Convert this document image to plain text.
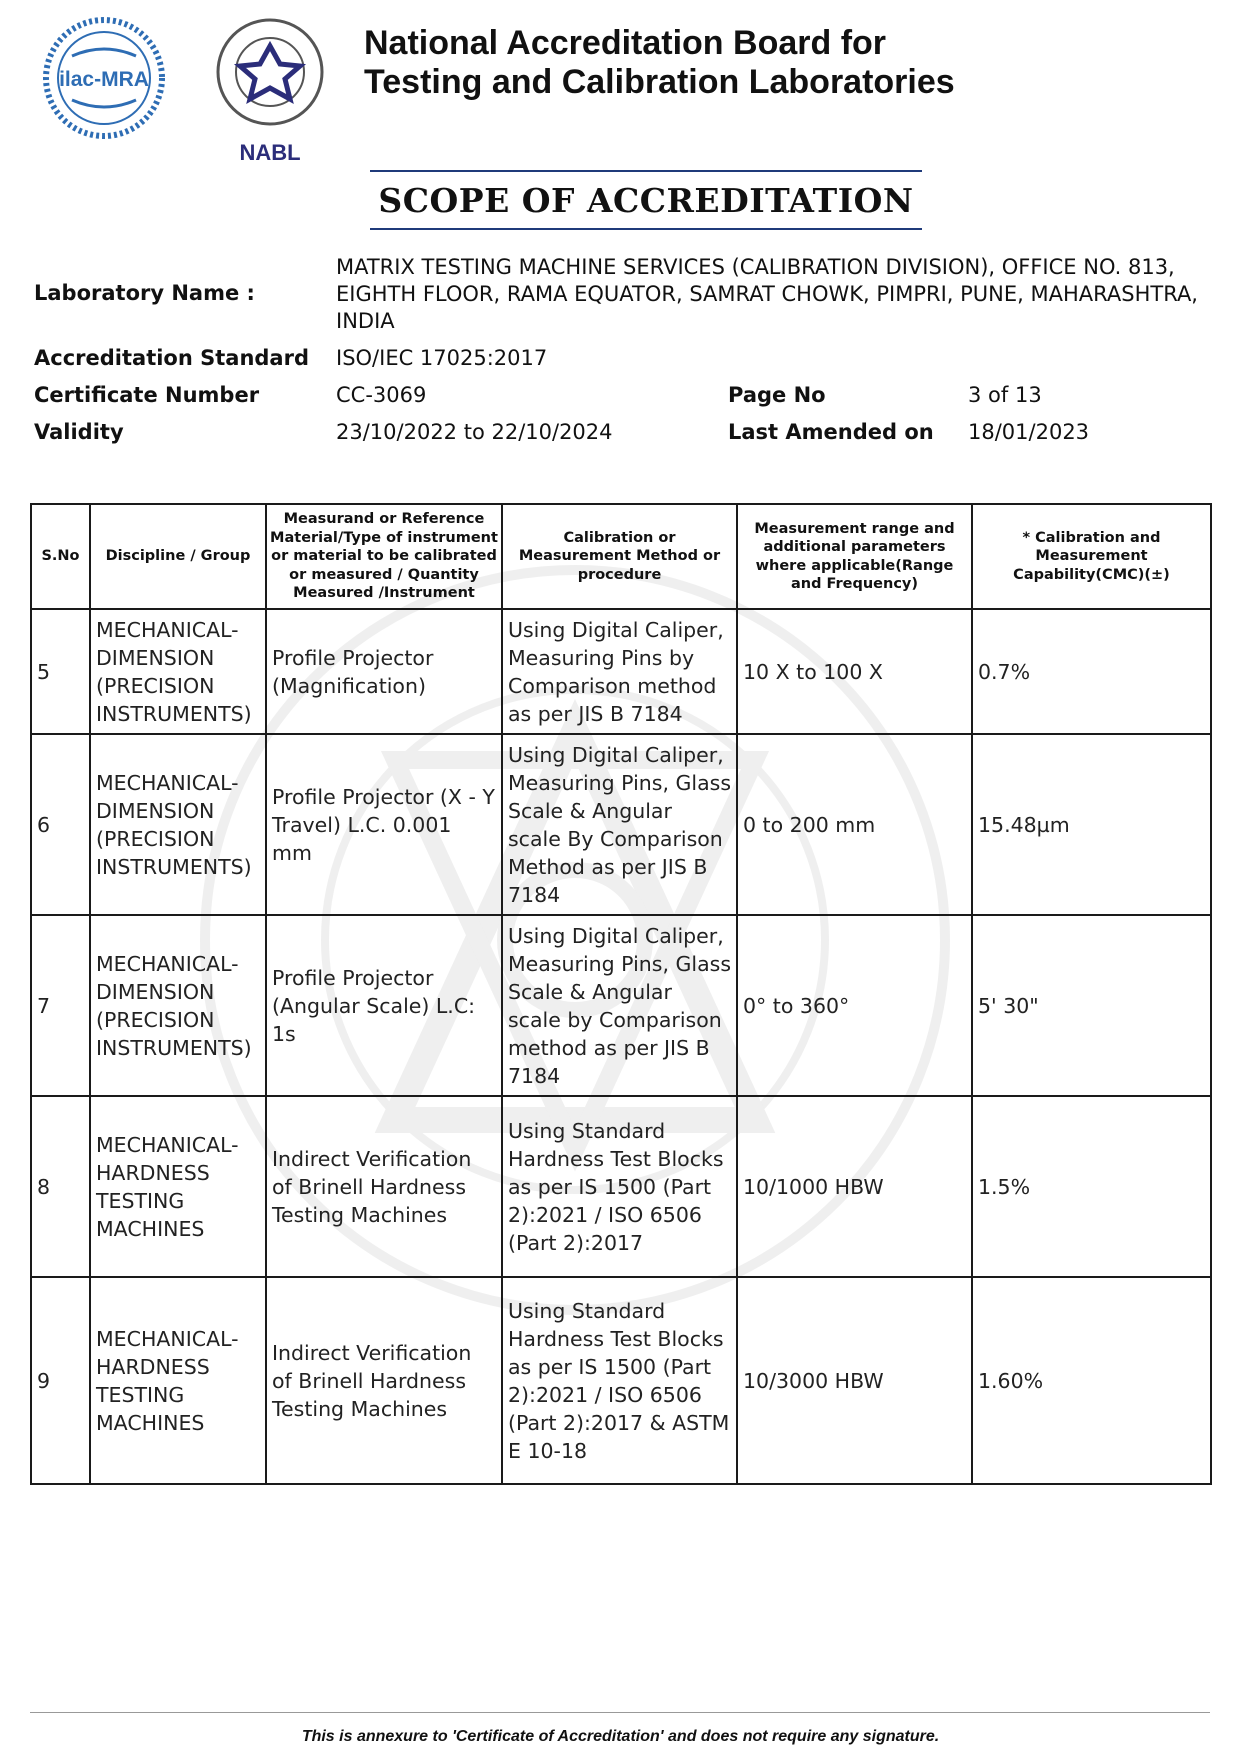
ilac-MRA
NABL
National Accreditation Board for
Testing and Calibration Laboratories
SCOPE OF ACCREDITATION
Laboratory Name :
MATRIX TESTING MACHINE SERVICES (CALIBRATION DIVISION), OFFICE NO. 813,
EIGHTH FLOOR, RAMA EQUATOR, SAMRAT CHOWK, PIMPRI, PUNE, MAHARASHTRA,
INDIA
Accreditation Standard ISO/IEC 17025:2017
Certificate Number	CC-3069	Page No	3 of 13
Validity	23/10/2022 to 22/10/2024	Last Amended on 18/01/2023
S.No	Discipline / Group	Measurand or Reference Material/Type of instrument or material to be calibrated or measured / Quantity Measured /Instrument	Calibration or Measurement Method or procedure	Measurement range and additional parameters where applicable(Range and Frequency)	* Calibration and Measurement Capability(CMC)(±)
5	MECHANICAL- DIMENSION (PRECISION INSTRUMENTS)	Profile Projector (Magnification)	Using Digital Caliper, Measuring Pins by Comparison method as per JIS B 7184	10 X to 100 X	0.7%
6	MECHANICAL- DIMENSION (PRECISION INSTRUMENTS)	Profile Projector (X - Y Travel) L.C. 0.001 mm	Using Digital Caliper, Measuring Pins, Glass Scale & Angular scale By Comparison Method as per JIS B 7184	0 to 200 mm	15.48µm
7	MECHANICAL- DIMENSION (PRECISION INSTRUMENTS)	Profile Projector (Angular Scale) L.C: 1s	Using Digital Caliper, Measuring Pins, Glass Scale & Angular scale by Comparison method as per JIS B 7184	0° to 360°	5' 30"
8	MECHANICAL- HARDNESS TESTING MACHINES	Indirect Verification of Brinell Hardness Testing Machines	Using Standard Hardness Test Blocks as per IS 1500 (Part 2):2021 / ISO 6506 (Part 2):2017	10/1000 HBW	1.5%
9	MECHANICAL- HARDNESS TESTING MACHINES	Indirect Verification of Brinell Hardness Testing Machines	Using Standard Hardness Test Blocks as per IS 1500 (Part 2):2021 / ISO 6506 (Part 2):2017 & ASTM E 10-18	10/3000 HBW	1.60%
This is annexure to 'Certificate of Accreditation' and does not require any signature.
